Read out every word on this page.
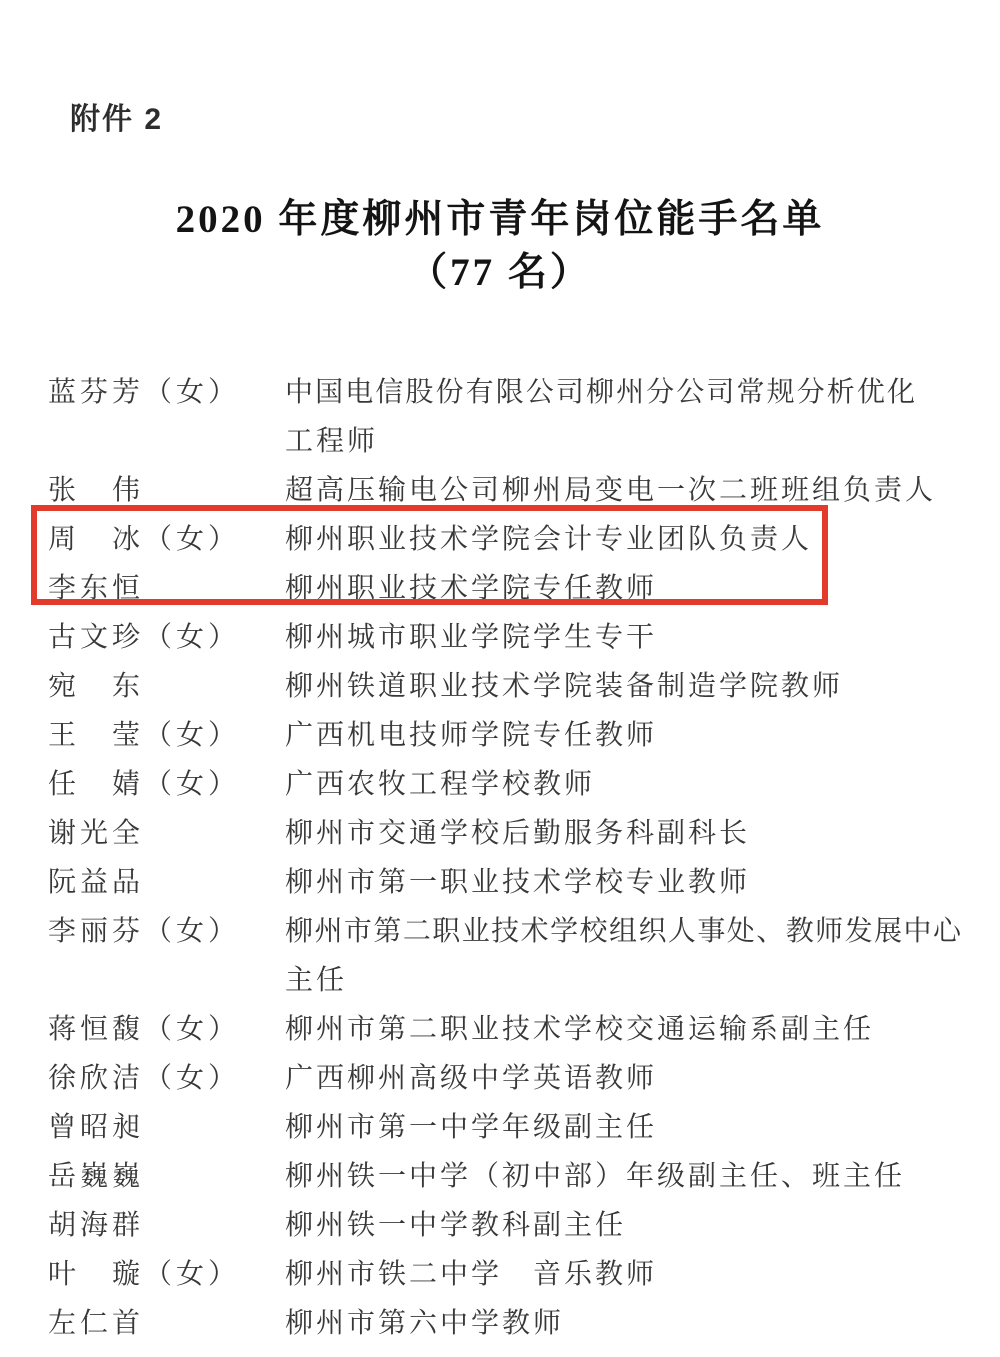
附件 2
2020 年度柳州市青年岗位能手名单
（77 名）
蓝芬芳（女）	中国电信股份有限公司柳州分公司常规分析优化
工程师
张　伟	超高压输电公司柳州局变电一次二班班组负责人
周　冰（女）	柳州职业技术学院会计专业团队负责人
李东恒	柳州职业技术学院专任教师
古文珍（女）	柳州城市职业学院学生专干
宛　东	柳州铁道职业技术学院装备制造学院教师
王　莹（女）	广西机电技师学院专任教师
任　婧（女）	广西农牧工程学校教师
谢光全	柳州市交通学校后勤服务科副科长
阮益品	柳州市第一职业技术学校专业教师
李丽芬（女）	柳州市第二职业技术学校组织人事处、教师发展中心
主任
蒋恒馥（女）	柳州市第二职业技术学校交通运输系副主任
徐欣洁（女）	广西柳州高级中学英语教师
曾昭昶	柳州市第一中学年级副主任
岳巍巍	柳州铁一中学（初中部）年级副主任、班主任
胡海群	柳州铁一中学教科副主任
叶　璇（女）	柳州市铁二中学　音乐教师
左仁首	柳州市第六中学教师
